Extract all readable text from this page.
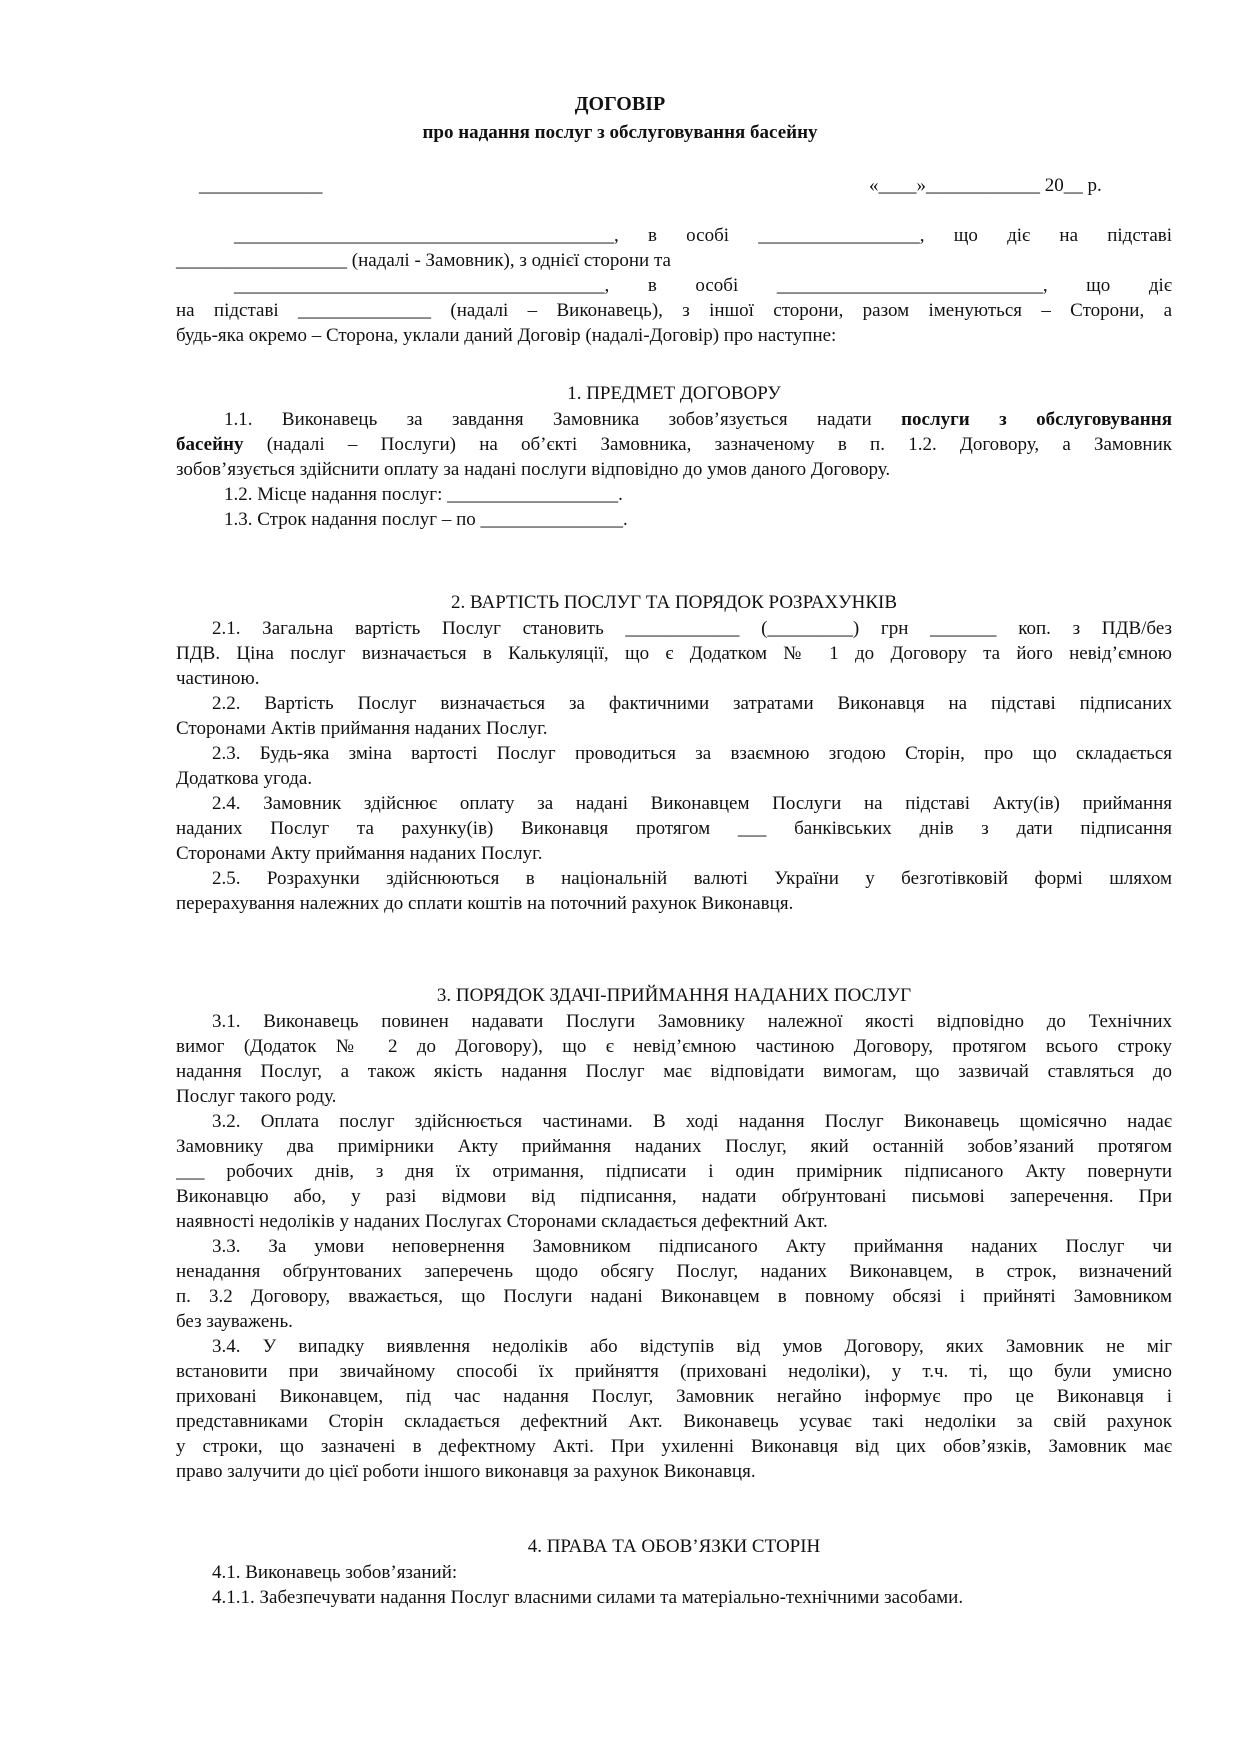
ДОГОВІР
про надання послуг з обслуговування басейну
_____________	«____»____________ 20__ р.
________________________________________, в особі _________________, що діє на підставі
__________________ (надалі - Замовник), з однієї сторони та
_______________________________________, в особі ____________________________, що діє
на підставі ______________ (надалі – Виконавець), з іншої сторони, разом іменуються – Сторони, а
будь-яка окремо – Сторона, уклали даний Договір (надалі-Договір) про наступне:
1. ПРЕДМЕТ ДОГОВОРУ
1.1. Виконавець за завдання Замовника зобов’язується надати послуги з обслуговування
басейну (надалі – Послуги) на об’єкті Замовника, зазначеному в п. 1.2. Договору, а Замовник
зобов’язується здійснити оплату за надані послуги відповідно до умов даного Договору.
1.2. Місце надання послуг: __________________.
1.3. Строк надання послуг – по _______________.
2. ВАРТІСТЬ ПОСЛУГ ТА ПОРЯДОК РОЗРАХУНКІВ
2.1. Загальна вартість Послуг становить ____________ (_________) грн _______ коп. з ПДВ/без
ПДВ. Ціна послуг визначається в Калькуляції, що є Додатком № 1 до Договору та його невід’ємною
частиною.
2.2. Вартість Послуг визначається за фактичними затратами Виконавця на підставі підписаних
Сторонами Актів приймання наданих Послуг.
2.3. Будь-яка зміна вартості Послуг проводиться за взаємною згодою Сторін, про що складається
Додаткова угода.
2.4. Замовник здійснює оплату за надані Виконавцем Послуги на підставі Акту(ів) приймання
наданих Послуг та рахунку(ів) Виконавця протягом ___ банківських днів з дати підписання
Сторонами Акту приймання наданих Послуг.
2.5. Розрахунки здійснюються в національній валюті України у безготівковій формі шляхом
перерахування належних до сплати коштів на поточний рахунок Виконавця.
3. ПОРЯДОК ЗДАЧІ-ПРИЙМАННЯ НАДАНИХ ПОСЛУГ
3.1. Виконавець повинен надавати Послуги Замовнику належної якості відповідно до Технічних
вимог (Додаток № 2 до Договору), що є невід’ємною частиною Договору, протягом всього строку
надання Послуг, а також якість надання Послуг має відповідати вимогам, що зазвичай ставляться до
Послуг такого роду.
3.2. Оплата послуг здійснюється частинами. В ході надання Послуг Виконавець щомісячно надає
Замовнику два примірники Акту приймання наданих Послуг, який останній зобов’язаний протягом
___ робочих днів, з дня їх отримання, підписати і один примірник підписаного Акту повернути
Виконавцю або, у разі відмови від підписання, надати обґрунтовані письмові заперечення. При
наявності недоліків у наданих Послугах Сторонами складається дефектний Акт.
3.3. За умови неповернення Замовником підписаного Акту приймання наданих Послуг чи
ненадання обґрунтованих заперечень щодо обсягу Послуг, наданих Виконавцем, в строк, визначений
п. 3.2 Договору, вважається, що Послуги надані Виконавцем в повному обсязі і прийняті Замовником
без зауважень.
3.4. У випадку виявлення недоліків або відступів від умов Договору, яких Замовник не міг
встановити при звичайному способі їх прийняття (приховані недоліки), у т.ч. ті, що були умисно
приховані Виконавцем, під час надання Послуг, Замовник негайно інформує про це Виконавця і
представниками Сторін складається дефектний Акт. Виконавець усуває такі недоліки за свій рахунок
у строки, що зазначені в дефектному Акті. При ухиленні Виконавця від цих обов’язків, Замовник має
право залучити до цієї роботи іншого виконавця за рахунок Виконавця.
4. ПРАВА ТА ОБОВ’ЯЗКИ СТОРІН
4.1. Виконавець зобов’язаний:
4.1.1. Забезпечувати надання Послуг власними силами та матеріально-технічними засобами.
